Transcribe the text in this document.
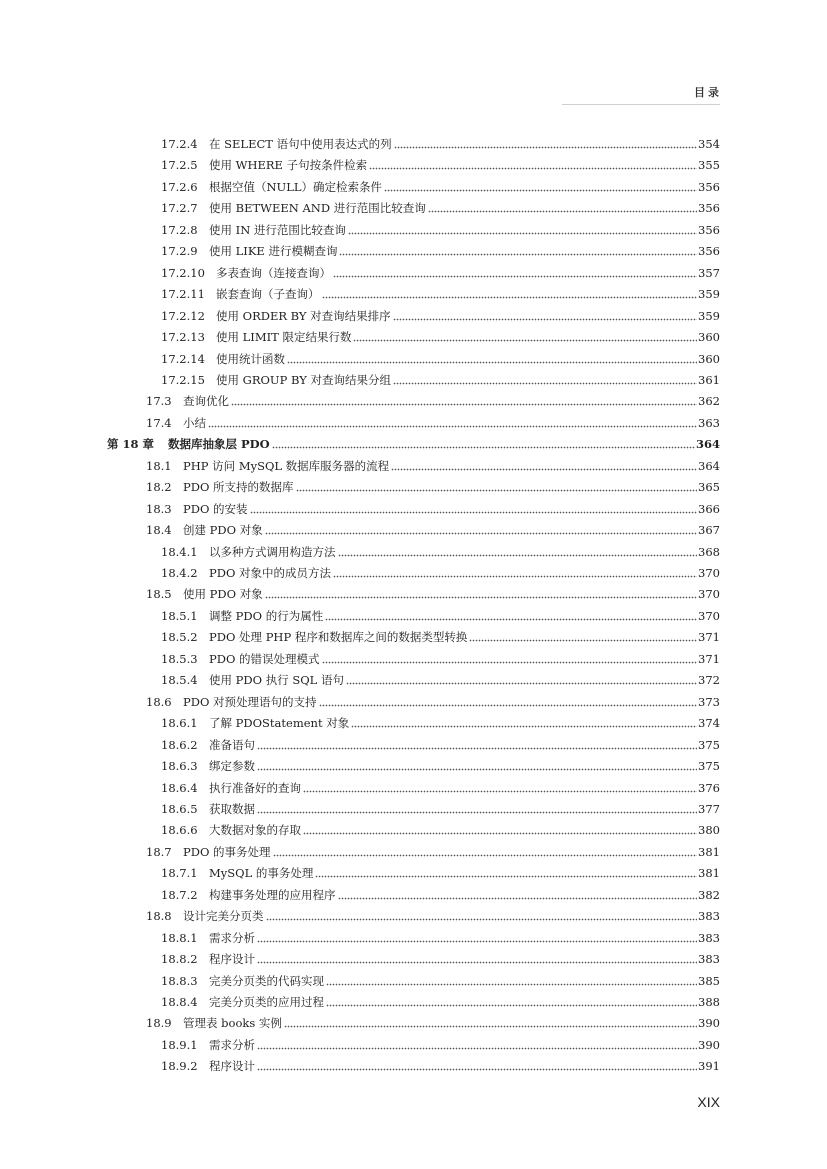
目录
17.2.4 在 SELECT 语句中使用表达式的列	354
17.2.5 使用 WHERE 子句按条件检索	355
17.2.6 根据空值（NULL）确定检索条件	356
17.2.7 使用 BETWEEN AND 进行范围比较查询	356
17.2.8 使用 IN 进行范围比较查询	356
17.2.9 使用 LIKE 进行模糊查询	356
17.2.10 多表查询（连接查询）	357
17.2.11 嵌套查询（子查询）	359
17.2.12 使用 ORDER BY 对查询结果排序	359
17.2.13 使用 LIMIT 限定结果行数	360
17.2.14 使用统计函数	360
17.2.15 使用 GROUP BY 对查询结果分组	361
17.3 查询优化	362
17.4 小结	363
第 18 章	数据库抽象层 PDO	364
18.1 PHP 访问 MySQL 数据库服务器的流程	364
18.2 PDO 所支持的数据库	365
18.3 PDO 的安装	366
18.4 创建 PDO 对象	367
18.4.1 以多种方式调用构造方法	368
18.4.2 PDO 对象中的成员方法	370
18.5 使用 PDO 对象	370
18.5.1 调整 PDO 的行为属性	370
18.5.2 PDO 处理 PHP 程序和数据库之间的数据类型转换	371
18.5.3 PDO 的错误处理模式	371
18.5.4 使用 PDO 执行 SQL 语句	372
18.6 PDO 对预处理语句的支持	373
18.6.1 了解 PDOStatement 对象	374
18.6.2 准备语句	375
18.6.3 绑定参数	375
18.6.4 执行准备好的查询	376
18.6.5 获取数据	377
18.6.6 大数据对象的存取	380
18.7 PDO 的事务处理	381
18.7.1 MySQL 的事务处理	381
18.7.2 构建事务处理的应用程序	382
18.8 设计完美分页类	383
18.8.1 需求分析	383
18.8.2 程序设计	383
18.8.3 完美分页类的代码实现	385
18.8.4 完美分页类的应用过程	388
18.9 管理表 books 实例	390
18.9.1 需求分析	390
18.9.2 程序设计	391
XIX
